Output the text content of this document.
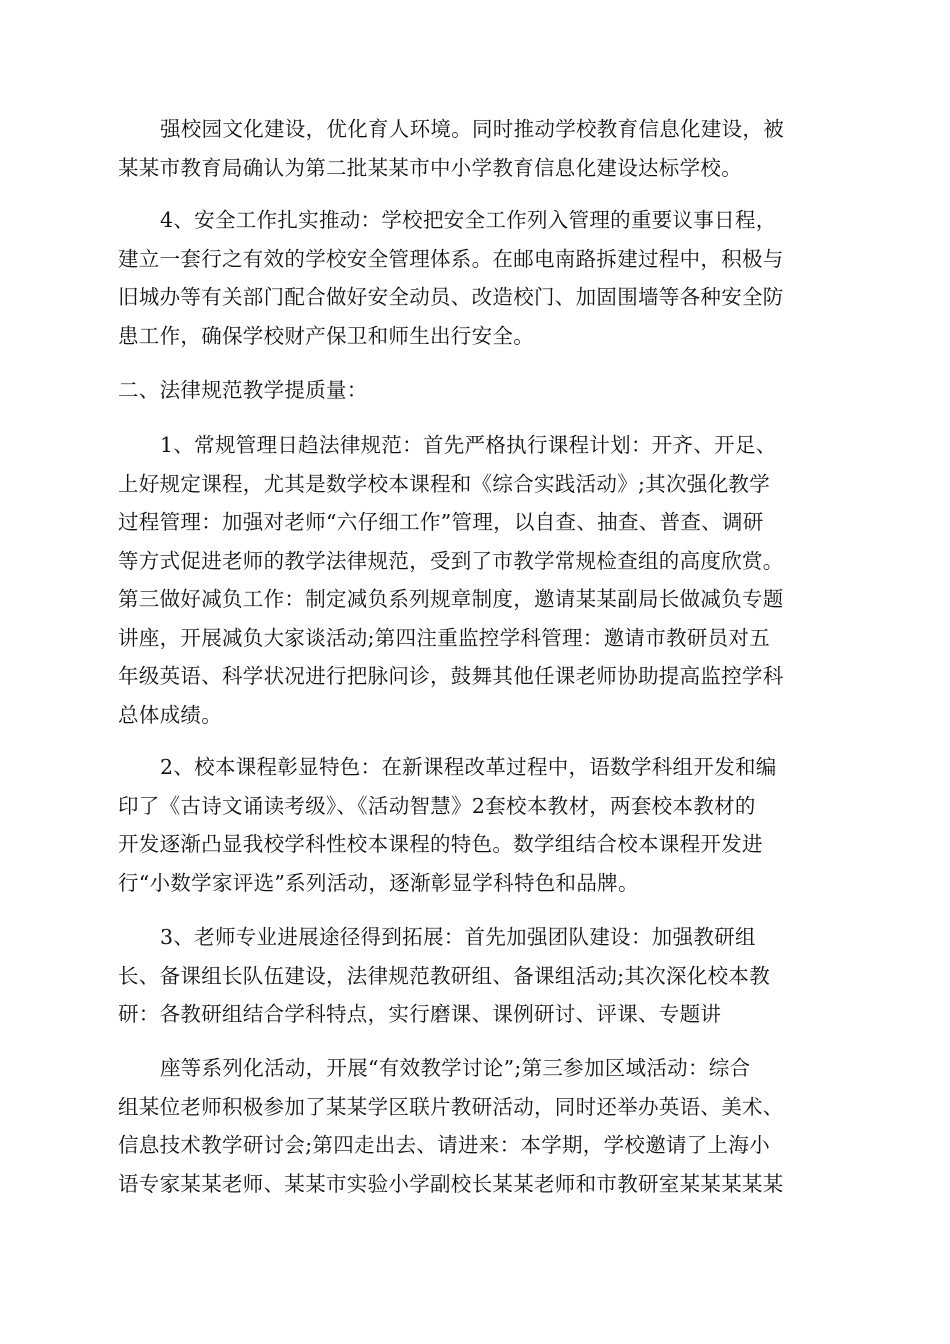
强校园文化建设，优化育人环境。同时推动学校教育信息化建设，被
某某市教育局确认为第二批某某市中小学教育信息化建设达标学校。

4、安全工作扎实推动：学校把安全工作列入管理的重要议事日程，
建立一套行之有效的学校安全管理体系。在邮电南路拆建过程中，积极与
旧城办等有关部门配合做好安全动员、改造校门、加固围墙等各种安全防
患工作，确保学校财产保卫和师生出行安全。

二、法律规范教学提质量：

1、常规管理日趋法律规范：首先严格执行课程计划：开齐、开足、
上好规定课程，尤其是数学校本课程和《综合实践活动》;其次强化教学
过程管理：加强对老师“六仔细工作”管理，以自查、抽查、普查、调研
等方式促进老师的教学法律规范，受到了市教学常规检查组的高度欣赏。
第三做好减负工作：制定减负系列规章制度，邀请某某副局长做减负专题
讲座，开展减负大家谈活动;第四注重监控学科管理：邀请市教研员对五
年级英语、科学状况进行把脉问诊，鼓舞其他任课老师协助提高监控学科
总体成绩。

2、校本课程彰显特色：在新课程改革过程中，语数学科组开发和编
印了《古诗文诵读考级》、《活动智慧》2套校本教材，两套校本教材的
开发逐渐凸显我校学科性校本课程的特色。数学组结合校本课程开发进
行“小数学家评选”系列活动，逐渐彰显学科特色和品牌。

3、老师专业进展途径得到拓展：首先加强团队建设：加强教研组
长、备课组长队伍建设，法律规范教研组、备课组活动;其次深化校本教
研：各教研组结合学科特点，实行磨课、课例研讨、评课、专题讲

座等系列化活动，开展“有效教学讨论”;第三参加区域活动：综合
组某位老师积极参加了某某学区联片教研活动，同时还举办英语、美术、
信息技术教学研讨会;第四走出去、请进来：本学期，学校邀请了上海小
语专家某某老师、某某市实验小学副校长某某老师和市教研室某某某某某
